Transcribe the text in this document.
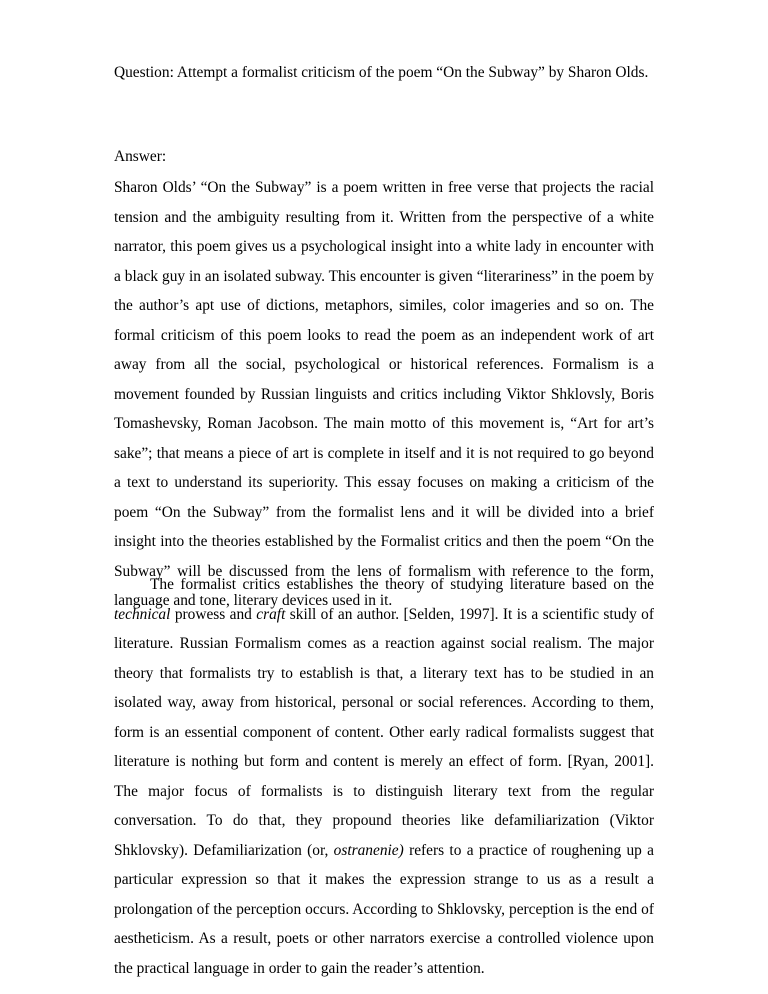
Question: Attempt a formalist criticism of the poem “On the Subway” by Sharon Olds.

Answer:

Sharon Olds’ “On the Subway” is a poem written in free verse that projects the racial tension and the ambiguity resulting from it. Written from the perspective of a white narrator, this poem gives us a psychological insight into a white lady in encounter with a black guy in an isolated subway. This encounter is given “literariness” in the poem by the author’s apt use of dictions, metaphors, similes, color imageries and so on. The formal criticism of this poem looks to read the poem as an independent work of art away from all the social, psychological or historical references. Formalism is a movement founded by Russian linguists and critics including Viktor Shklovsly, Boris Tomashevsky, Roman Jacobson. The main motto of this movement is, “Art for art’s sake”; that means a piece of art is complete in itself and it is not required to go beyond a text to understand its superiority. This essay focuses on making a criticism of the poem “On the Subway” from the formalist lens and it will be divided into a brief insight into the theories established by the Formalist critics and then the poem “On the Subway” will be discussed from the lens of formalism with reference to the form, language and tone, literary devices used in it.

The formalist critics establishes the theory of studying literature based on the technical prowess and craft skill of an author. [Selden, 1997]. It is a scientific study of literature. Russian Formalism comes as a reaction against social realism. The major theory that formalists try to establish is that, a literary text has to be studied in an isolated way, away from historical, personal or social references. According to them, form is an essential component of content. Other early radical formalists suggest that literature is nothing but form and content is merely an effect of form. [Ryan, 2001]. The major focus of formalists is to distinguish literary text from the regular conversation. To do that, they propound theories like defamiliarization (Viktor Shklovsky). Defamiliarization (or, ostranenie) refers to a practice of roughening up a particular expression so that it makes the expression strange to us as a result a prolongation of the perception occurs. According to Shklovsky, perception is the end of aestheticism. As a result, poets or other narrators exercise a controlled violence upon the practical language in order to gain the reader’s attention.
